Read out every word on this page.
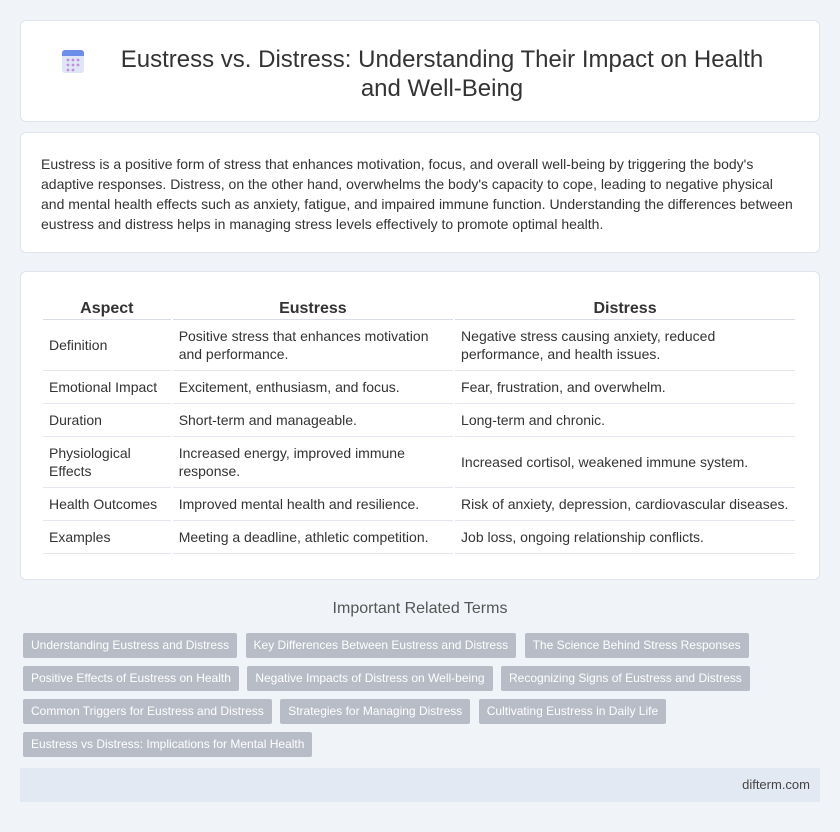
Eustress vs. Distress: Understanding Their Impact on Health and Well-Being

Eustress is a positive form of stress that enhances motivation, focus, and overall well-being by triggering the body's adaptive responses. Distress, on the other hand, overwhelms the body's capacity to cope, leading to negative physical and mental health effects such as anxiety, fatigue, and impaired immune function. Understanding the differences between eustress and distress helps in managing stress levels effectively to promote optimal health.

Aspect	Eustress	Distress
Definition	Positive stress that enhances motivation and performance.	Negative stress causing anxiety, reduced performance, and health issues.
Emotional Impact	Excitement, enthusiasm, and focus.	Fear, frustration, and overwhelm.
Duration	Short-term and manageable.	Long-term and chronic.
Physiological Effects	Increased energy, improved immune response.	Increased cortisol, weakened immune system.
Health Outcomes	Improved mental health and resilience.	Risk of anxiety, depression, cardiovascular diseases.
Examples	Meeting a deadline, athletic competition.	Job loss, ongoing relationship conflicts.
Important Related Terms
Understanding Eustress and Distress Key Differences Between Eustress and Distress The Science Behind Stress Responses
Positive Effects of Eustress on Health Negative Impacts of Distress on Well-being Recognizing Signs of Eustress and Distress
Common Triggers for Eustress and Distress Strategies for Managing Distress Cultivating Eustress in Daily Life
Eustress vs Distress: Implications for Mental Health
difterm.com
